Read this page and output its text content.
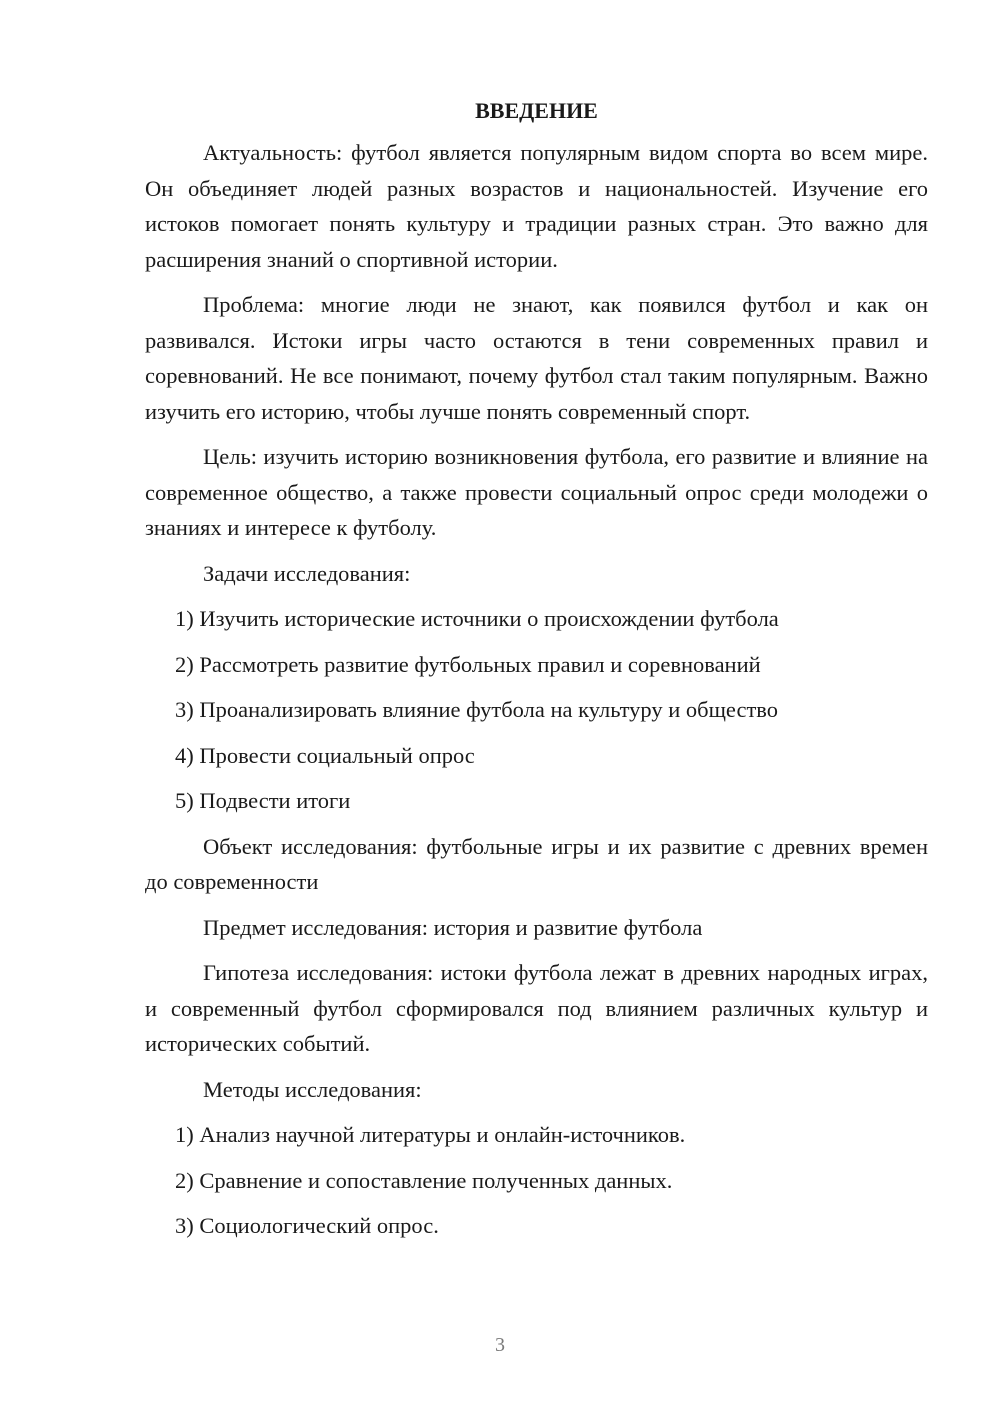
ВВЕДЕНИЕ

Актуальность: футбол является популярным видом спорта во всем мире. Он объединяет людей разных возрастов и национальностей. Изучение его истоков помогает понять культуру и традиции разных стран. Это важно для расширения знаний о спортивной истории.

Проблема: многие люди не знают, как появился футбол и как он развивался. Истоки игры часто остаются в тени современных правил и соревнований. Не все понимают, почему футбол стал таким популярным. Важно изучить его историю, чтобы лучше понять современный спорт.

Цель: изучить историю возникновения футбола, его развитие и влияние на современное общество, а также провести социальный опрос среди молодежи о знаниях и интересе к футболу.

Задачи исследования:

1) Изучить исторические источники о происхождении футбола
2) Рассмотреть развитие футбольных правил и соревнований
3) Проанализировать влияние футбола на культуру и общество
4) Провести социальный опрос
5) Подвести итоги

Объект исследования: футбольные игры и их развитие с древних времен до современности

Предмет исследования: история и развитие футбола

Гипотеза исследования: истоки футбола лежат в древних народных играх, и современный футбол сформировался под влиянием различных культур и исторических событий.

Методы исследования:

1) Анализ научной литературы и онлайн-источников.
2) Сравнение и сопоставление полученных данных.
3) Социологический опрос.
3
